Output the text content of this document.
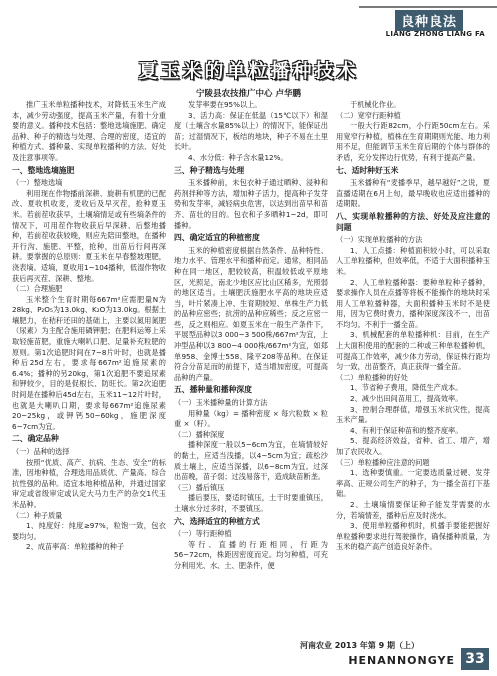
良种良法
LIANG ZHONG LIANG FA
夏玉米的单粒播种技术
宁陵县农技推广中心 卢华鹏

推广玉米单粒播种技术，对降低玉米生产成本，减少劳动强度，提高玉米产量，有着十分重要的意义。播种技术包括：整地选墒施肥、确定品种、种子的精选与处理、合理的密度，适宜的种植方式、播种量、实现单粒播种的方法、好处及注意事项等。

一、整地选墒施肥

（一）整地选墒

利用现在作物播前深耕、旋耕有机肥的已配改、夏收机收麦，麦收后及早灭茬，抢种夏玉米。若前茬收获早，土壤墒情足或有些墒条件的情况下，可用茬作物收获后早深耕、后整地播种，若前茬收获较晚，则应先陪田整地，在播种开行沟、施肥、平整，抢种，出苗后行间再深耕。要掌握的总原则：夏玉米在早春整坡理肥，浇表墒。适墒，夏收用1~104播种，低湿作物收获后再灭茬、深耕、整地。

（二）合理施肥

玉米整个生育时期每667m²应需肥量N为28kg、P₂O₅为13.0kg、K₂O为13.0kg。根据土壤肥力，在秸秆还田的基础上，主要以氮用氮肥（尿素）为主配合施用磷钾肥；在肥料运筹上采取轻施苗肥，重施大喇叭口肥、足量补充粒肥的原则。第1次追肥时间在7~8片叶时，也就是播种后25d左右，要求每667m²追施尿素的6.4%；播种的另20kg，第1次追肥不要追尿素和钾较少，目的是促根长、防旺长。第2次追肥时间是在播种后45d左右，玉米11~12片叶时，也就是大喇叭口期，要求每667m²追施尿素20~25kg，或钾钙50~60kg，施肥深度6~7cm为宜。

二、确定品种

（一）品种的选择

按照“优质、高产、抗病、生态、安全”的标准，因地种植，合理选用品质优、产量高、综合抗性强的品种。适宜本地种植品种，并通过国家审定或省级审定或认定大马力生产的杂交1代玉米品种。

（二）种子质量

1、纯度好：纯度≥97%，粒饱一致，包衣要均匀。

2、成苗率高：单粒播种的种子

发芽率要在95%以上。

3、活力高：保证在低温（15℃以下）和湿度（土壤含水量85%以上）的情况下，能保证出苗；过湿情况下，板结的地块，种子不易在土里长叶。

4、水分低：种子含水量12%。

三、种子精选与处理

玉米播种前，未包衣种子通过晒种、浸种和药剂拌种等方法，增加种子活力，提高种子发芽势和发芽率，减轻病虫危害，以达到出苗早和苗齐、苗壮的目的。包衣和子多晒种1~2d，即可播种。

四、确定适宜的种植密度

玉米的种植密度根据自然条件、品种特性、地力水平、管理水平和播种而定。通常，相同品种在同一地区，肥较较高，积温较低或平原地区，光照足，南北少地区应比山区稀多，光照弱的地区适当。土壤肥沃施肥水平高的地块应适当，叶片紧凑上冲、生育期较短、单株生产力低的品种应密些；抗涝的品种应稀些；反之应密一些，反之则相应。如夏玉米在一般生产条件下，平展型品种以3 000~3 500株/667m²为宜，上冲型品种以3 800~4 000株/667m²为宜，如郑单958、金博士558、隆平208等品种。在保证符合分苗足而的前提下，适当增加密度，可提高品种的产量。

五、播种量和播种深度

（一）玉米播种量的计算方法

用种量（kg）= 播种密度 × 每穴粒数 × 粒重 ×（籽）。

（二）播种深度

播种深度一般以5~6cm为宜，在墒情较好的黏土，应适当浅播，以4~5cm为宜；疏松沙质土壤上，应适当深播，以6~8cm为宜。过深出苗晚，苗子弱；过浅易落干，造成缺苗断垄。

（三）播后镇压

播后要压，要适时镇压，土干时要重镇压，土壤水分过多时，不要镇压。

六、选择适宜的种植方式

（一）等行距种植

等行、直播的行距相同，行距为56~72cm，株距因密度而定。均匀种植，可充分利用光、水、土、肥条件，便

于机械化作业。

（二）宽窄行距种植

一般大行距82cm，小行距50cm左右。采用宽窄行种植，植株在生育期期则光能、地力利用不足，但能调节玉米生育后期的个体与群体的矛盾，充分发挥边行优势，有利于提高产量。

七、适时种好玉米

玉米播种有“麦播季早，越早越好”之说，夏直播适期在6月上旬，最早晚收也应适出播种的适期限。

八、实现单粒播种的方法、好处及应注意的问题

（一）实现单粒播种的方法

1、人工点播：种植面积较小时，可以采取人工单粒播种，但效率低，不适于大面积播种玉米。

2、人工单粒播种器：要种单粒种子播种，要求操作人员在点播等将板不能操作的地块时采用人工单粒播种器，大面积播种玉米时不是使用，因为它费时费力，播种深度深浅不一，出苗不均匀。不利于一播全苗。

3、机械配套的单粒播种机：目前，在生产上大面积使用的配套的二种或三种单粒播种机，可提高工作效率，减少体力劳动，保证株行距均匀一致，出苗整齐，真正获得一播全苗。

（二）单粒播种的好处

1、节省种子费用，降低生产成本。

2、减少出田间苗用工，提高效率。

3、控制合理群值，增强玉米抗灾性，提高玉米产量。

4、有利于保证种苗和的整齐度率。

5、提高经济效益，省种、省工、增产，增加了农民收入。

（三）单粒播种应注意的问题

1、选种要慎重。一定要选质量过硬、发芽率高、正规公司生产的种子，为一播全苗打下基础。

2、土壤墒情要保证种子能发芽需要的水分，若墒情差，播种后应及时浇水。

3、使用单粒播种机时，机播手要能把握好单粒播种要求进行驾驶操作，确保播种质量，为玉米的稳产高产创造良好条件。

河南农业 2013 年第 9 期（上）
HENANNONGYE 33
